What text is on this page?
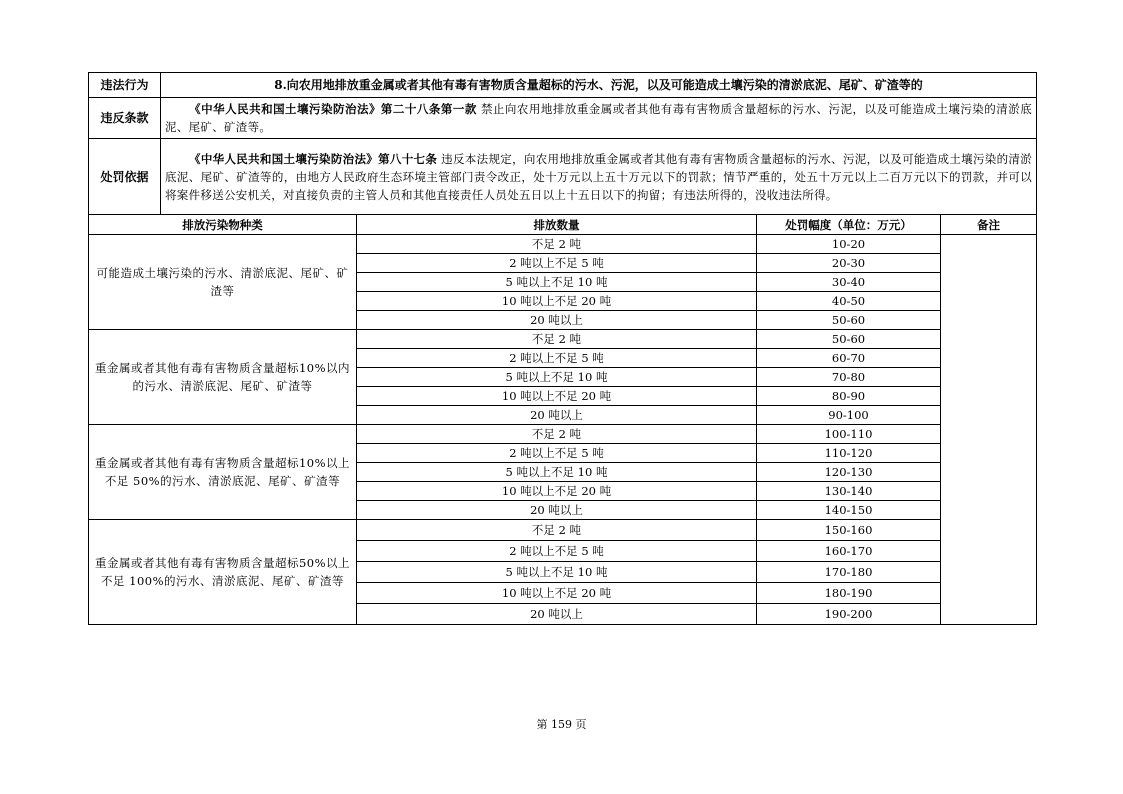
违法行为	8.向农用地排放重金属或者其他有毒有害物质含量超标的污水、污泥，以及可能造成土壤污染的清淤底泥、尾矿、矿渣等的			
违反条款	《中华人民共和国土壤污染防治法》第二十八条第一款 禁止向农用地排放重金属或者其他有毒有害物质含量超标的污水、污泥，以及可能造成土壤污染的清淤底泥、尾矿、矿渣等。			
处罚依据	《中华人民共和国土壤污染防治法》第八十七条 违反本法规定，向农用地排放重金属或者其他有毒有害物质含量超标的污水、污泥，以及可能造成土壤污染的清淤底泥、尾矿、矿渣等的，由地方人民政府生态环境主管部门责令改正，处十万元以上五十万元以下的罚款；情节严重的，处五十万元以上二百万元以下的罚款，并可以将案件移送公安机关，对直接负责的主管人员和其他直接责任人员处五日以上十五日以下的拘留；有违法所得的，没收违法所得。			
排放污染物种类		排放数量	处罚幅度（单位：万元）	备注
可能造成土壤污染的污水、清淤底泥、尾矿、矿渣等		不足 2 吨	10-20	
		2 吨以上不足 5 吨	20-30	
		5 吨以上不足 10 吨	30-40	
		10 吨以上不足 20 吨	40-50	
		20 吨以上	50-60	
重金属或者其他有毒有害物质含量超标10%以内的污水、清淤底泥、尾矿、矿渣等		不足 2 吨	50-60	
		2 吨以上不足 5 吨	60-70	
		5 吨以上不足 10 吨	70-80	
		10 吨以上不足 20 吨	80-90	
		20 吨以上	90-100	
重金属或者其他有毒有害物质含量超标10%以上不足 50%的污水、清淤底泥、尾矿、矿渣等		不足 2 吨	100-110	
		2 吨以上不足 5 吨	110-120	
		5 吨以上不足 10 吨	120-130	
		10 吨以上不足 20 吨	130-140	
		20 吨以上	140-150	
重金属或者其他有毒有害物质含量超标50%以上不足 100%的污水、清淤底泥、尾矿、矿渣等		不足 2 吨	150-160	
		2 吨以上不足 5 吨	160-170	
		5 吨以上不足 10 吨	170-180	
		10 吨以上不足 20 吨	180-190	
		20 吨以上	190-200	
第 159 页
